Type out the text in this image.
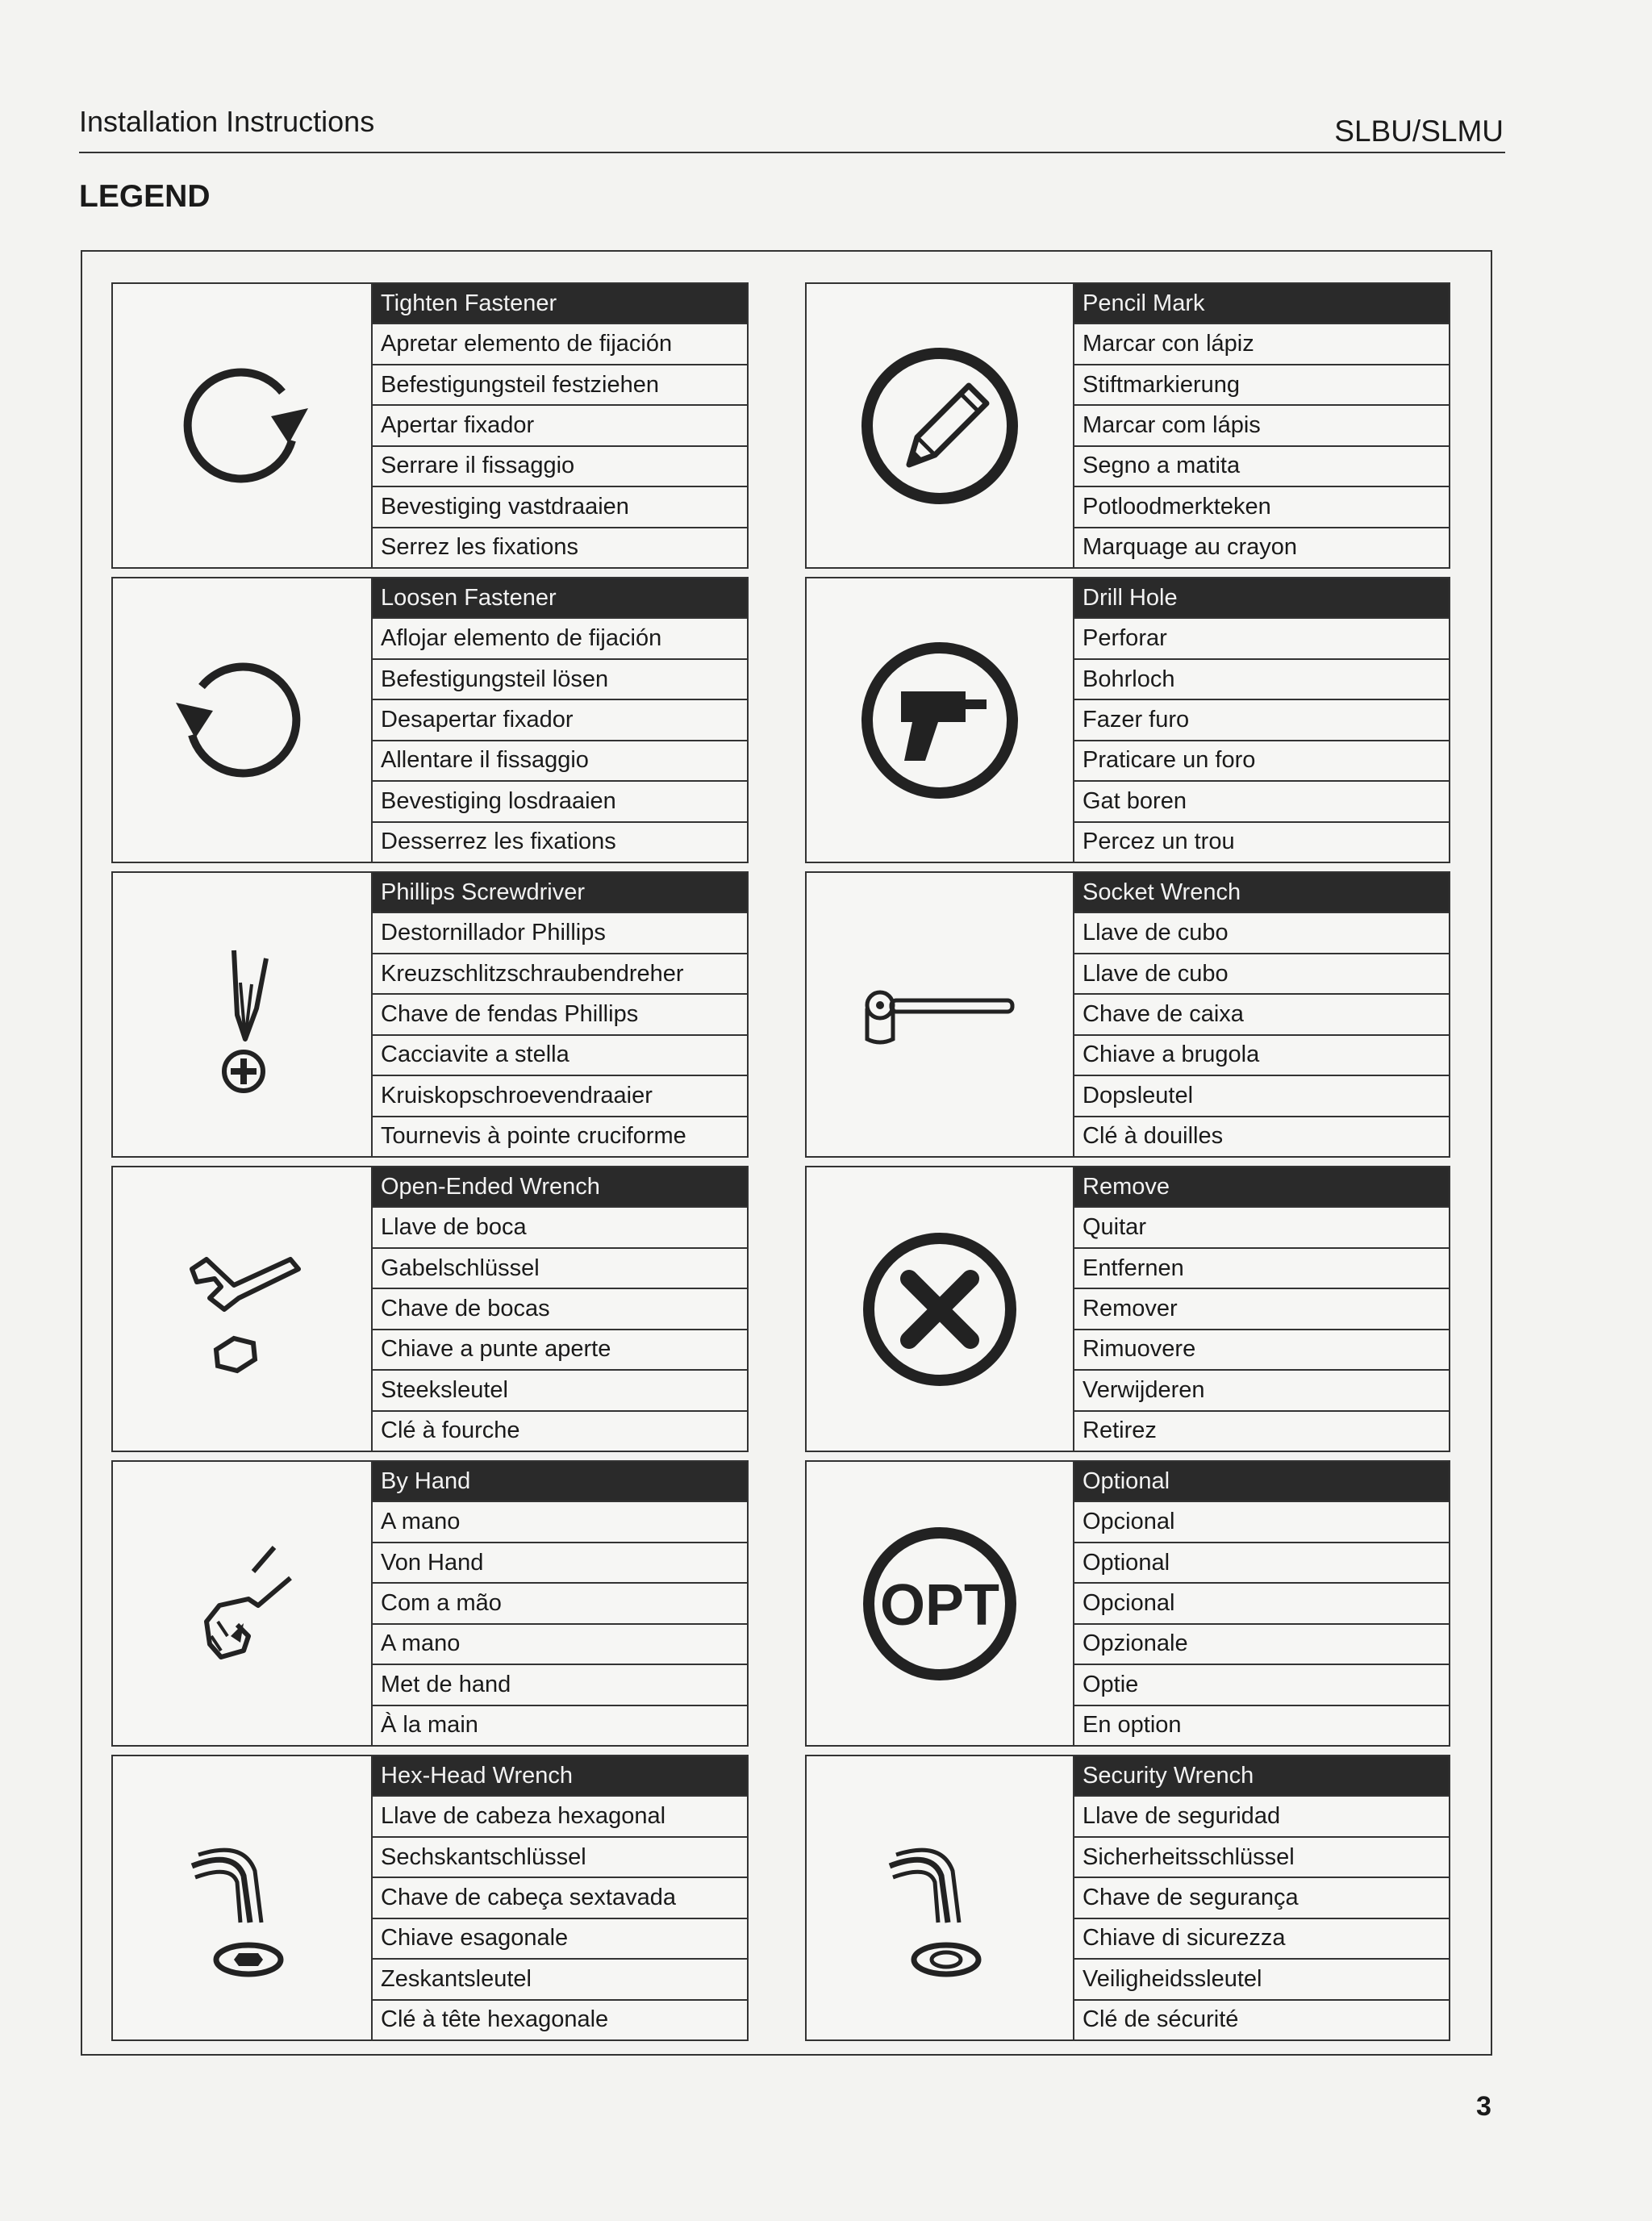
Installation Instructions	SLBU/SLMU
LEGEND
Tighten Fastener
Apretar elemento de fijación
Befestigungsteil festziehen
Apertar fixador
Serrare il fissaggio
Bevestiging vastdraaien
Serrez les fixations
Pencil Mark
Marcar con lápiz
Stiftmarkierung
Marcar com lápis
Segno a matita
Potloodmerkteken
Marquage au crayon
Loosen Fastener
Aflojar elemento de fijación
Befestigungsteil lösen
Desapertar fixador
Allentare il fissaggio
Bevestiging losdraaien
Desserrez les fixations
Drill Hole
Perforar
Bohrloch
Fazer furo
Praticare un foro
Gat boren
Percez un trou
Phillips Screwdriver
Destornillador Phillips
Kreuzschlitzschraubendreher
Chave de fendas Phillips
Cacciavite a stella
Kruiskopschroevendraaier
Tournevis à pointe cruciforme
Socket Wrench
Llave de cubo
Llave de cubo
Chave de caixa
Chiave a brugola
Dopsleutel
Clé à douilles
Open-Ended Wrench
Llave de boca
Gabelschlüssel
Chave de bocas
Chiave a punte aperte
Steeksleutel
Clé à fourche
Remove
Quitar
Entfernen
Remover
Rimuovere
Verwijderen
Retirez
By Hand
A mano
Von Hand
Com a mão
A mano
Met de hand
À la main
OPT
Optional
Opcional
Optional
Opcional
Opzionale
Optie
En option
Hex-Head Wrench
Llave de cabeza hexagonal
Sechskantschlüssel
Chave de cabeça sextavada
Chiave esagonale
Zeskantsleutel
Clé à tête hexagonale
Security Wrench
Llave de seguridad
Sicherheitsschlüssel
Chave de segurança
Chiave di sicurezza
Veiligheidssleutel
Clé de sécurité
3
